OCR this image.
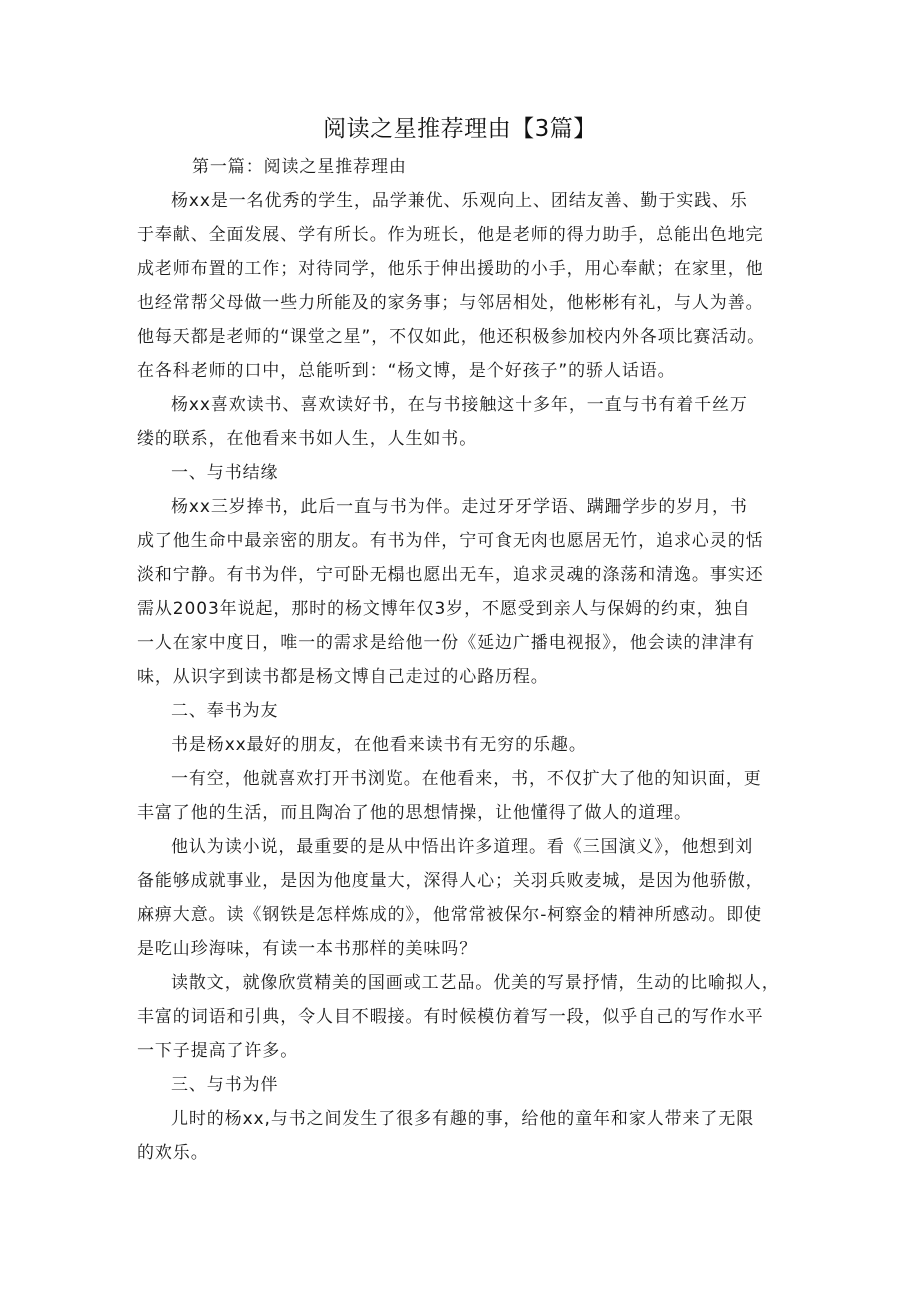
阅读之星推荐理由【3篇】
第一篇：阅读之星推荐理由
杨xx是一名优秀的学生，品学兼优、乐观向上、团结友善、勤于实践、乐
于奉献、全面发展、学有所长。作为班长，他是老师的得力助手，总能出色地完
成老师布置的工作；对待同学，他乐于伸出援助的小手，用心奉献；在家里，他
也经常帮父母做一些力所能及的家务事；与邻居相处，他彬彬有礼，与人为善。
他每天都是老师的“课堂之星”，不仅如此，他还积极参加校内外各项比赛活动。
在各科老师的口中，总能听到：“杨文博，是个好孩子”的骄人话语。
杨xx喜欢读书、喜欢读好书，在与书接触这十多年，一直与书有着千丝万
缕的联系，在他看来书如人生，人生如书。
一、与书结缘
杨xx三岁捧书，此后一直与书为伴。走过牙牙学语、蹒跚学步的岁月，书
成了他生命中最亲密的朋友。有书为伴，宁可食无肉也愿居无竹，追求心灵的恬
淡和宁静。有书为伴，宁可卧无榻也愿出无车，追求灵魂的涤荡和清逸。事实还
需从2003年说起，那时的杨文博年仅3岁，不愿受到亲人与保姆的约束，独自
一人在家中度日，唯一的需求是给他一份《延边广播电视报》，他会读的津津有
味，从识字到读书都是杨文博自己走过的心路历程。
二、奉书为友
书是杨xx最好的朋友，在他看来读书有无穷的乐趣。
一有空，他就喜欢打开书浏览。在他看来，书，不仅扩大了他的知识面，更
丰富了他的生活，而且陶冶了他的思想情操，让他懂得了做人的道理。
他认为读小说，最重要的是从中悟出许多道理。看《三国演义》，他想到刘
备能够成就事业，是因为他度量大，深得人心；关羽兵败麦城，是因为他骄傲，
麻痹大意。读《钢铁是怎样炼成的》，他常常被保尔-柯察金的精神所感动。即使
是吃山珍海味，有读一本书那样的美味吗？
读散文，就像欣赏精美的国画或工艺品。优美的写景抒情，生动的比喻拟人，
丰富的词语和引典，令人目不暇接。有时候模仿着写一段，似乎自己的写作水平
一下子提高了许多。
三、与书为伴
儿时的杨xx,与书之间发生了很多有趣的事，给他的童年和家人带来了无限
的欢乐。
